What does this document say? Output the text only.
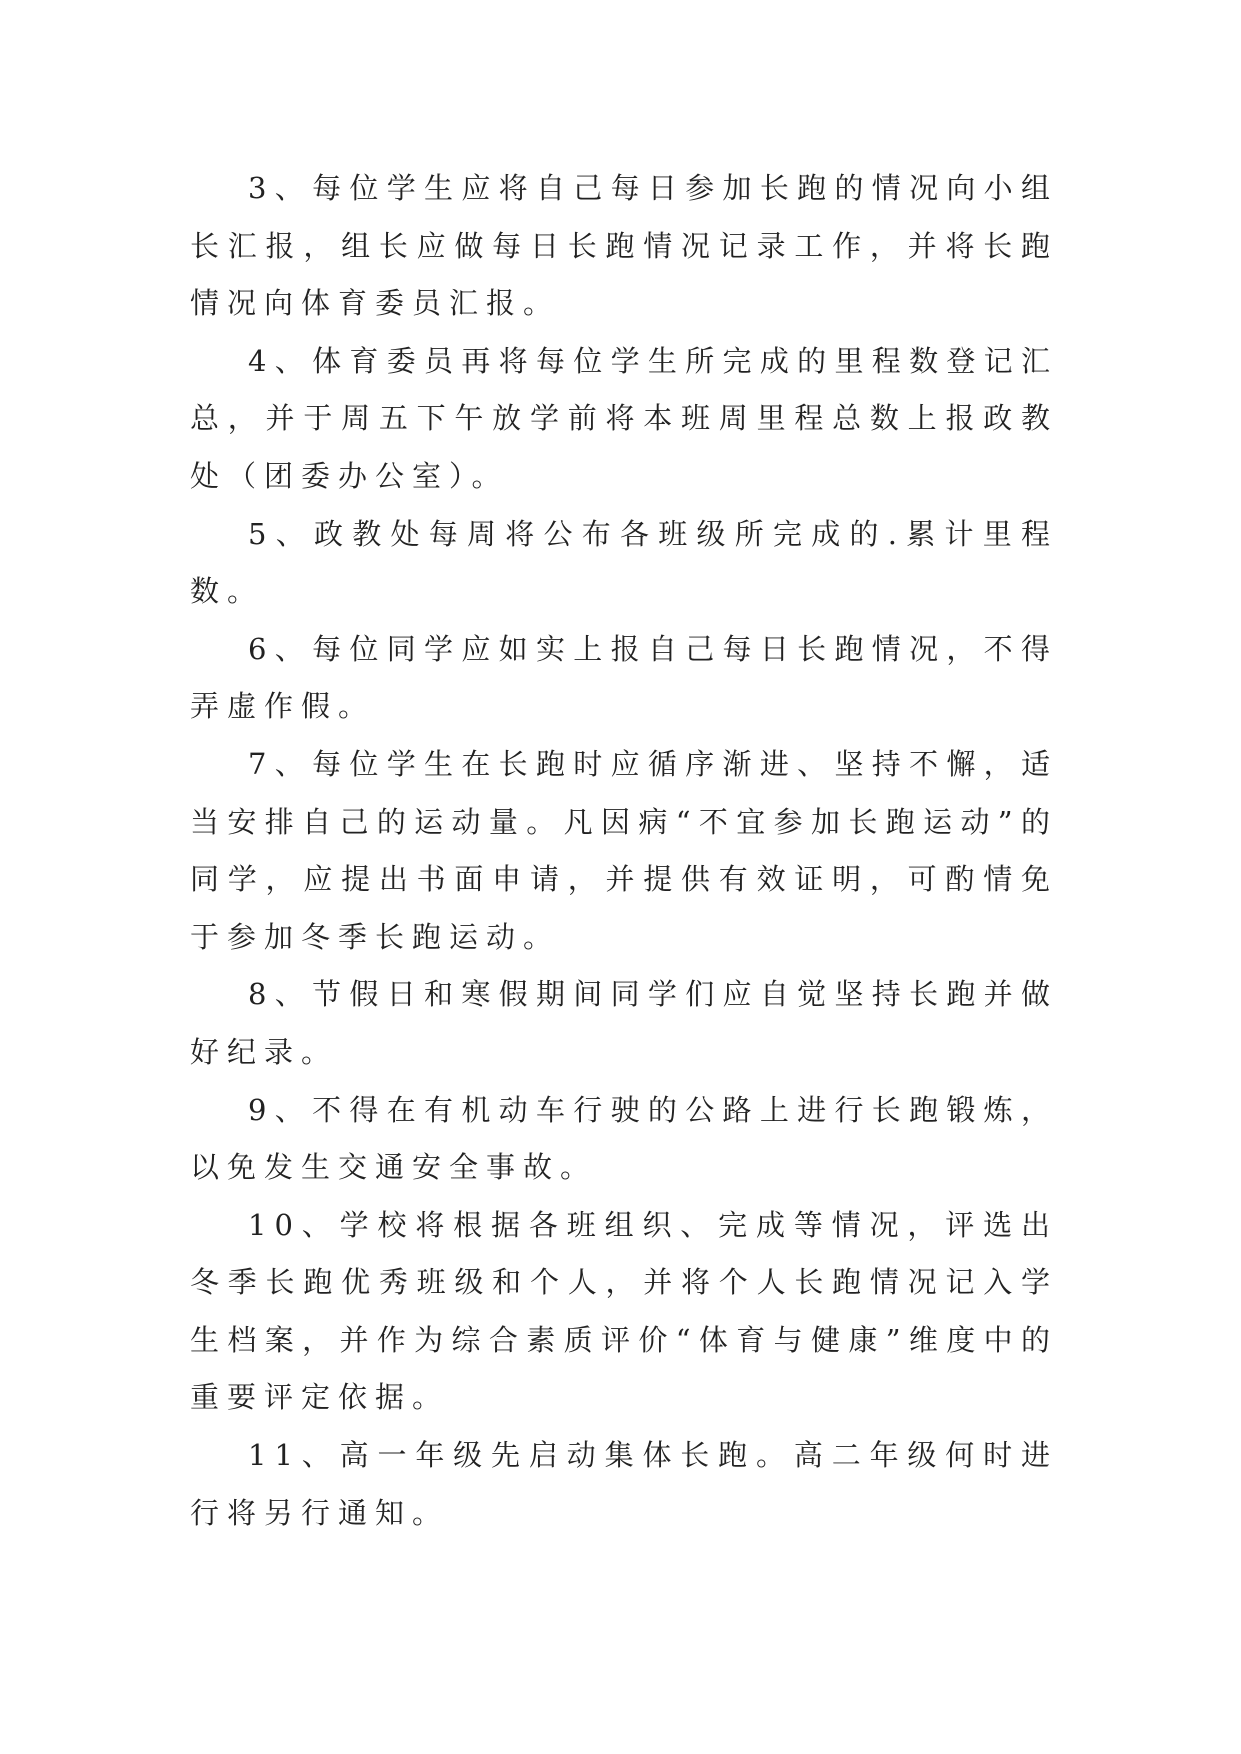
3、每位学生应将自己每日参加长跑的情况向小组长汇报，组长应做每日长跑情况记录工作，并将长跑情况向体育委员汇报。

4、体育委员再将每位学生所完成的里程数登记汇总，并于周五下午放学前将本班周里程总数上报政教处（团委办公室）。

5、政教处每周将公布各班级所完成的.累计里程数。

6、每位同学应如实上报自己每日长跑情况，不得弄虚作假。

7、每位学生在长跑时应循序渐进、坚持不懈，适当安排自己的运动量。凡因病“不宜参加长跑运动”的同学，应提出书面申请，并提供有效证明，可酌情免于参加冬季长跑运动。

8、节假日和寒假期间同学们应自觉坚持长跑并做好纪录。

9、不得在有机动车行驶的公路上进行长跑锻炼，以免发生交通安全事故。

10、学校将根据各班组织、完成等情况，评选出冬季长跑优秀班级和个人，并将个人长跑情况记入学生档案，并作为综合素质评价“体育与健康”维度中的重要评定依据。

11、高一年级先启动集体长跑。高二年级何时进行将另行通知。
